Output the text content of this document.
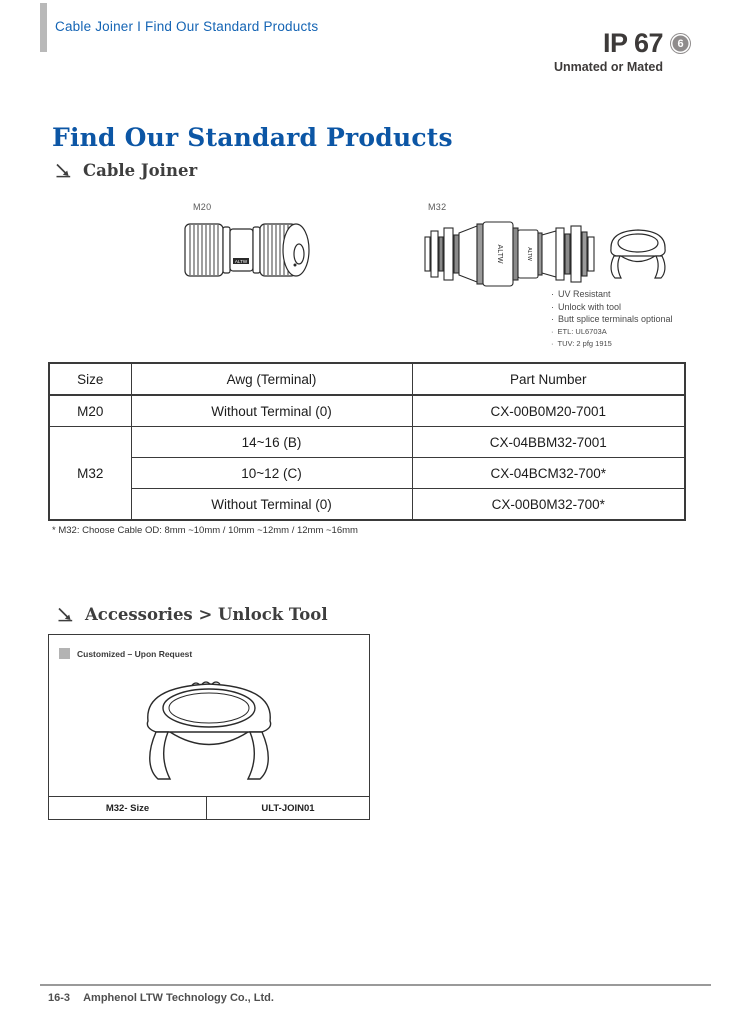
Cable Joiner I Find Our Standard Products
IP 67	6
Unmated or Mated
Find Our Standard Products
Cable Joiner
M20	M32
ALTW	ALTW	ALTW
· UV Resistant
· Unlock with tool
· Butt splice terminals optional
· ETL: UL6703A
· TUV: 2 pfg 1915
Size	Awg (Terminal)	Part Number
M20	Without Terminal (0)	CX-00B0M20-7001
M32	14~16 (B)	CX-04BBM32-7001
	10~12 (C)	CX-04BCM32-700*
	Without Terminal (0)	CX-00B0M32-700*
* M32: Choose Cable OD: 8mm ~10mm / 10mm ~12mm / 12mm ~16mm
Accessories > Unlock Tool
Customized – Upon Request
M32- Size	ULT-JOIN01
16-3 Amphenol LTW Technology Co., Ltd.
